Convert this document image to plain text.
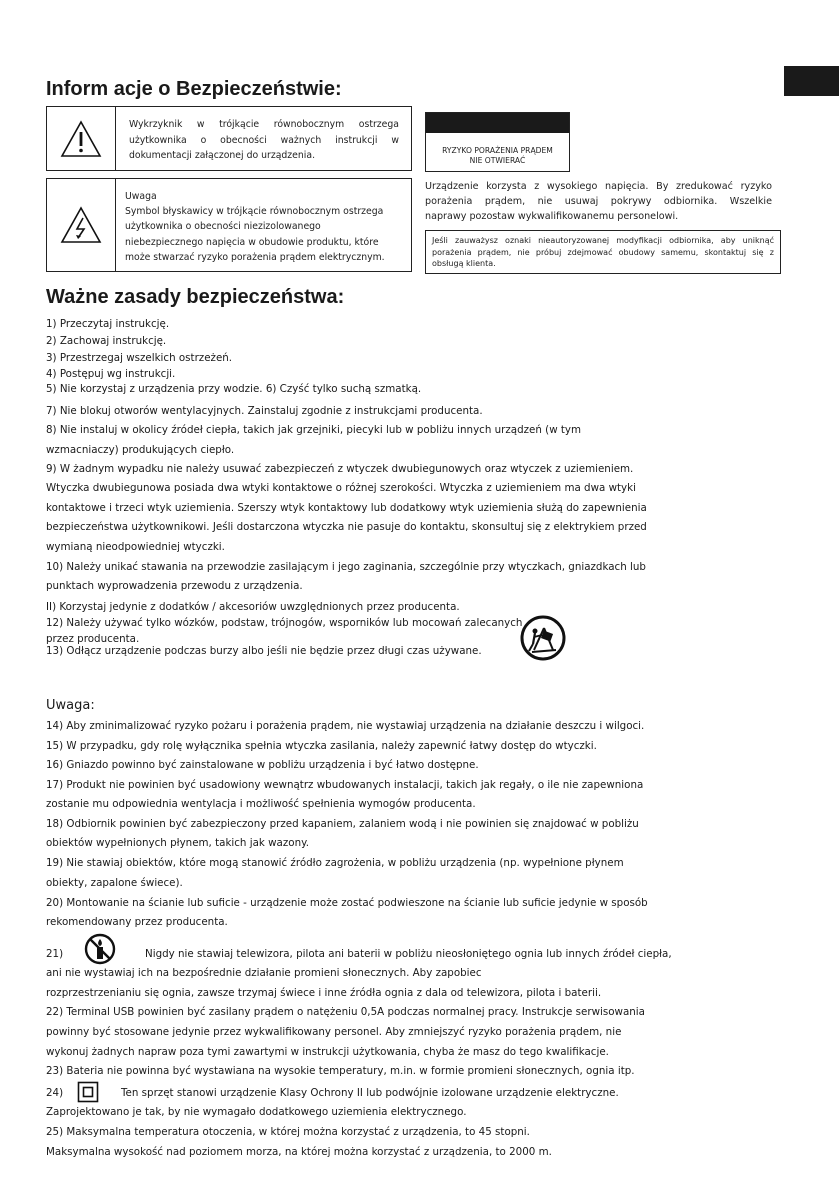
Inform acje o Bezpieczeństwie:
Wykrzyknik w trójkącie równobocznym ostrzega
użytkownika o obecności ważnych instrukcji w
dokumentacji załączonej do urządzenia.
Uwaga
Symbol błyskawicy w trójkącie równobocznym ostrzega
użytkownika o obecności niezizolowanego
niebezpiecznego napięcia w obudowie produktu, które
może stwarzać ryzyko porażenia prądem elektrycznym.
RYZYKO PORAŻENIA PRĄDEM
NIE OTWIERAĆ
Urządzenie korzysta z wysokiego napięcia. By zredukować ryzyko
porażenia prądem, nie usuwaj pokrywy odbiornika. Wszelkie
naprawy pozostaw wykwalifikowanemu personelowi.
Jeśli zauważysz oznaki nieautoryzowanej modyfikacji odbiornika, aby uniknąć
porażenia prądem, nie próbuj zdejmować obudowy samemu, skontaktuj się z
obsługą klienta.
Ważne zasady bezpieczeństwa:
1) Przeczytaj instrukcję.
2) Zachowaj instrukcję.
3) Przestrzegaj wszelkich ostrzeżeń.
4) Postępuj wg instrukcji.
5) Nie korzystaj z urządzenia przy wodzie. 6) Czyść tylko suchą szmatką.
7) Nie blokuj otworów wentylacyjnych. Zainstaluj zgodnie z instrukcjami producenta.
8) Nie instaluj w okolicy źródeł ciepła, takich jak grzejniki, piecyki lub w pobliżu innych urządzeń (w tym
wzmacniaczy) produkujących ciepło.
9) W żadnym wypadku nie należy usuwać zabezpieczeń z wtyczek dwubiegunowych oraz wtyczek z uziemieniem.
Wtyczka dwubiegunowa posiada dwa wtyki kontaktowe o różnej szerokości. Wtyczka z uziemieniem ma dwa wtyki
kontaktowe i trzeci wtyk uziemienia. Szerszy wtyk kontaktowy lub dodatkowy wtyk uziemienia służą do zapewnienia
bezpieczeństwa użytkownikowi. Jeśli dostarczona wtyczka nie pasuje do kontaktu, skonsultuj się z elektrykiem przed
wymianą nieodpowiedniej wtyczki.
10) Należy unikać stawania na przewodzie zasilającym i jego zaginania, szczególnie przy wtyczkach, gniazdkach lub
punktach wyprowadzenia przewodu z urządzenia.
II) Korzystaj jedynie z dodatków / akcesoriów uwzględnionych przez producenta.
12) Należy używać tylko wózków, podstaw, trójnogów, wsporników lub mocowań zalecanych
przez producenta.
13) Odłącz urządzenie podczas burzy albo jeśli nie będzie przez długi czas używane.
Uwaga:
14) Aby zminimalizować ryzyko pożaru i porażenia prądem, nie wystawiaj urządzenia na działanie deszczu i wilgoci.
15) W przypadku, gdy rolę wyłącznika spełnia wtyczka zasilania, należy zapewnić łatwy dostęp do wtyczki.
16) Gniazdo powinno być zainstalowane w pobliżu urządzenia i być łatwo dostępne.
17) Produkt nie powinien być usadowiony wewnątrz wbudowanych instalacji, takich jak regały, o ile nie zapewniona
zostanie mu odpowiednia wentylacja i możliwość spełnienia wymogów producenta.
18) Odbiornik powinien być zabezpieczony przed kapaniem, zalaniem wodą i nie powinien się znajdować w pobliżu
obiektów wypełnionych płynem, takich jak wazony.
19) Nie stawiaj obiektów, które mogą stanowić źródło zagrożenia, w pobliżu urządzenia (np. wypełnione płynem
obiekty, zapalone świece).
20) Montowanie na ścianie lub suficie - urządzenie może zostać podwieszone na ścianie lub suficie jedynie w sposób
rekomendowany przez producenta.
21)	Nigdy nie stawiaj telewizora, pilota ani baterii w pobliżu nieosłoniętego ognia lub innych źródeł ciepła,
ani nie wystawiaj ich na bezpośrednie działanie promieni słonecznych. Aby zapobiec
rozprzestrzenianiu się ognia, zawsze trzymaj świece i inne źródła ognia z dala od telewizora, pilota i baterii.
22) Terminal USB powinien być zasilany prądem o natężeniu 0,5A podczas normalnej pracy. Instrukcje serwisowania
powinny być stosowane jedynie przez wykwalifikowany personel. Aby zmniejszyć ryzyko porażenia prądem, nie
wykonuj żadnych napraw poza tymi zawartymi w instrukcji użytkowania, chyba że masz do tego kwalifikacje.
23) Bateria nie powinna być wystawiana na wysokie temperatury, m.in. w formie promieni słonecznych, ognia itp.
24)	Ten sprzęt stanowi urządzenie Klasy Ochrony II lub podwójnie izolowane urządzenie elektryczne.
Zaprojektowano je tak, by nie wymagało dodatkowego uziemienia elektrycznego.
25) Maksymalna temperatura otoczenia, w której można korzystać z urządzenia, to 45 stopni.
Maksymalna wysokość nad poziomem morza, na której można korzystać z urządzenia, to 2000 m.
